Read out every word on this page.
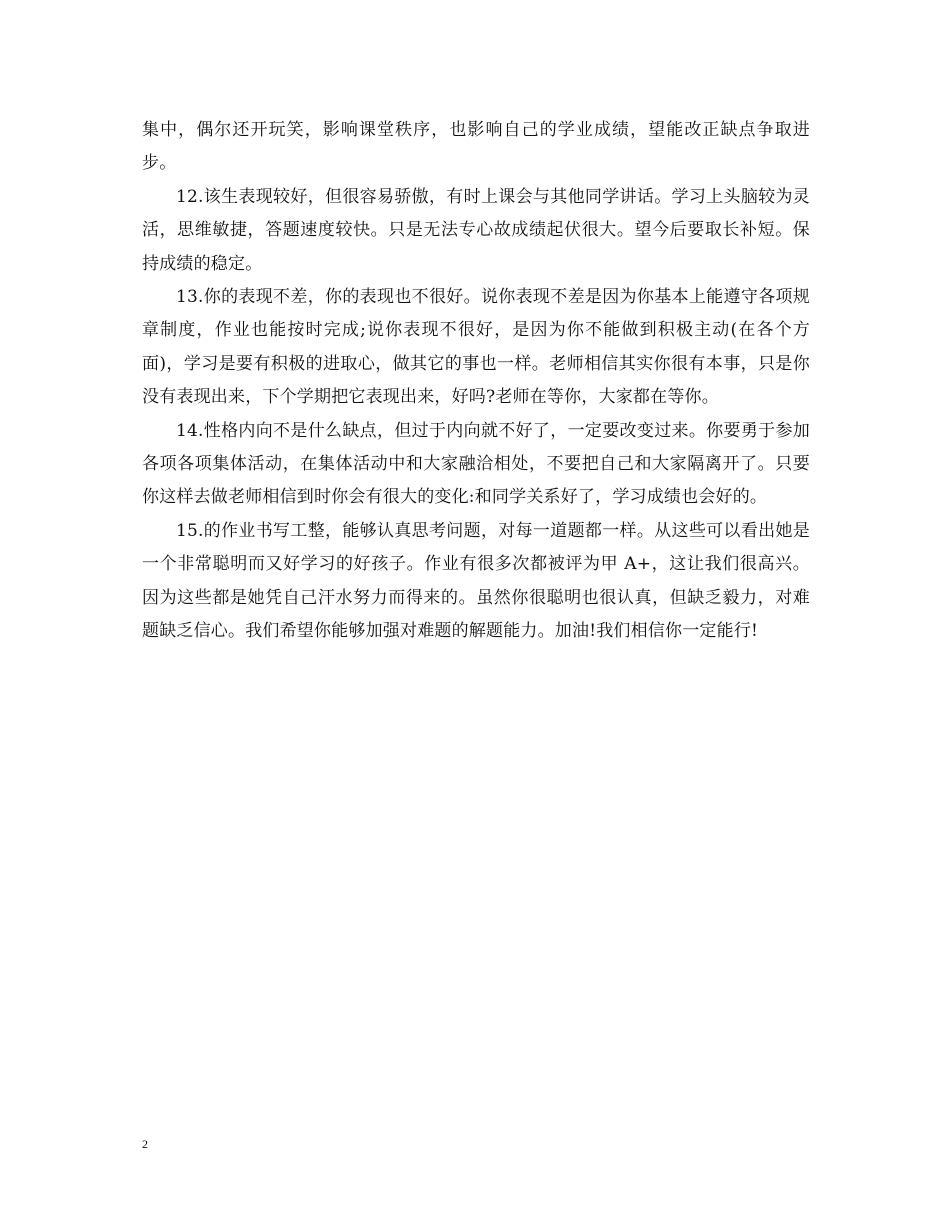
集中，偶尔还开玩笑，影响课堂秩序，也影响自己的学业成绩，望能改正缺点争取进步。

12.该生表现较好，但很容易骄傲，有时上课会与其他同学讲话。学习上头脑较为灵活，思维敏捷，答题速度较快。只是无法专心故成绩起伏很大。望今后要取长补短。保持成绩的稳定。

13.你的表现不差，你的表现也不很好。说你表现不差是因为你基本上能遵守各项规章制度，作业也能按时完成;说你表现不很好，是因为你不能做到积极主动(在各个方面)，学习是要有积极的进取心，做其它的事也一样。老师相信其实你很有本事，只是你没有表现出来，下个学期把它表现出来，好吗?老师在等你，大家都在等你。

14.性格内向不是什么缺点，但过于内向就不好了，一定要改变过来。你要勇于参加各项各项集体活动，在集体活动中和大家融洽相处，不要把自己和大家隔离开了。只要你这样去做老师相信到时你会有很大的变化:和同学关系好了，学习成绩也会好的。

15.的作业书写工整，能够认真思考问题，对每一道题都一样。从这些可以看出她是一个非常聪明而又好学习的好孩子。作业有很多次都被评为甲 A+，这让我们很高兴。因为这些都是她凭自己汗水努力而得来的。虽然你很聪明也很认真，但缺乏毅力，对难题缺乏信心。我们希望你能够加强对难题的解题能力。加油!我们相信你一定能行!

2
